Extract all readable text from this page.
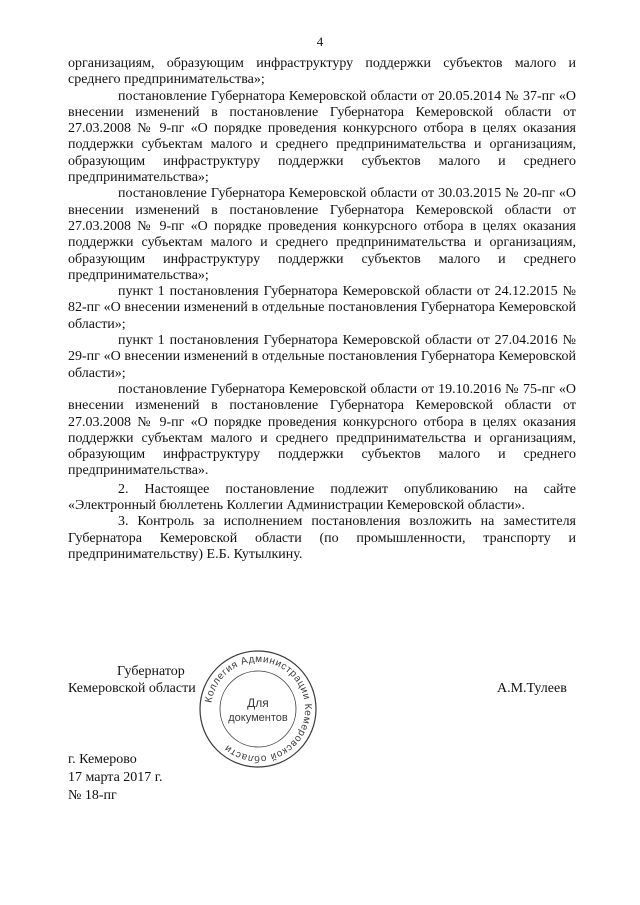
4

организациям, образующим инфраструктуру поддержки субъектов малого и среднего предпринимательства»;

постановление Губернатора Кемеровской области от 20.05.2014 № 37-пг «О внесении изменений в постановление Губернатора Кемеровской области от 27.03.2008 № 9-пг «О порядке проведения конкурсного отбора в целях оказания поддержки субъектам малого и среднего предпринимательства и организациям, образующим инфраструктуру поддержки субъектов малого и среднего предпринимательства»;

постановление Губернатора Кемеровской области от 30.03.2015 № 20-пг «О внесении изменений в постановление Губернатора Кемеровской области от 27.03.2008 № 9-пг «О порядке проведения конкурсного отбора в целях оказания поддержки субъектам малого и среднего предпринимательства и организациям, образующим инфраструктуру поддержки субъектов малого и среднего предпринимательства»;

пункт 1 постановления Губернатора Кемеровской области от 24.12.2015 № 82-пг «О внесении изменений в отдельные постановления Губернатора Кемеровской области»;

пункт 1 постановления Губернатора Кемеровской области от 27.04.2016 № 29-пг «О внесении изменений в отдельные постановления Губернатора Кемеровской области»;

постановление Губернатора Кемеровской области от 19.10.2016 № 75-пг «О внесении изменений в постановление Губернатора Кемеровской области от 27.03.2008 № 9-пг «О порядке проведения конкурсного отбора в целях оказания поддержки субъектам малого и среднего предпринимательства и организациям, образующим инфраструктуру поддержки субъектов малого и среднего предпринимательства».

2. Настоящее постановление подлежит опубликованию на сайте «Электронный бюллетень Коллегии Администрации Кемеровской области».

3. Контроль за исполнением постановления возложить на заместителя Губернатора Кемеровской области (по промышленности, транспорту и предпринимательству) Е.Б. Кутылкину.

Губернатор
Кемеровской области	А.М.Тулеев
Коллегия Администрации Кемеровской области
Для
документов
г. Кемерово
17 марта 2017 г.
№ 18-пг
